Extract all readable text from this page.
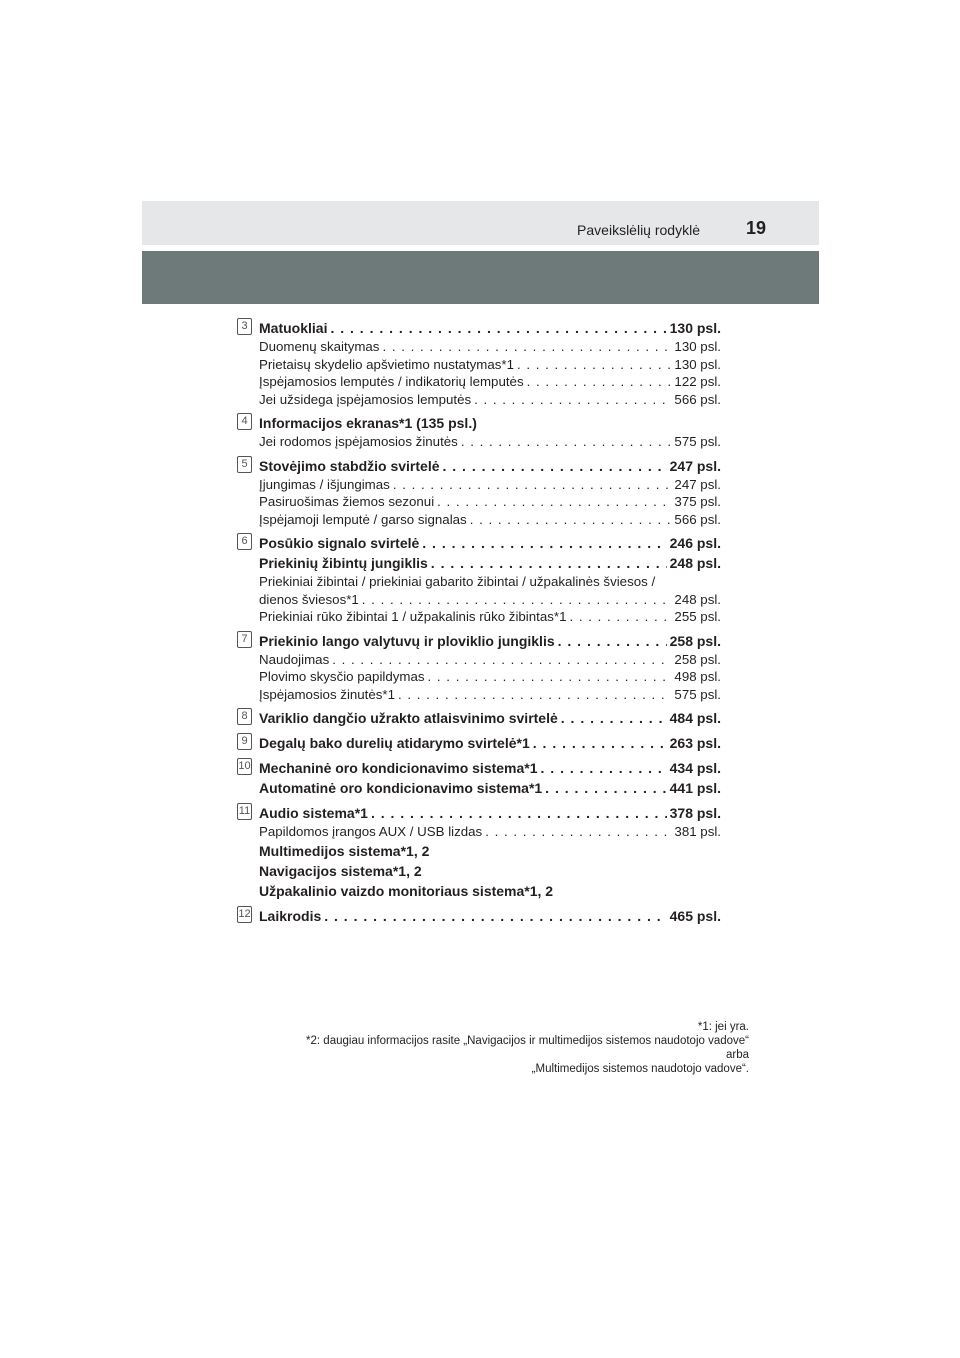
Paveikslėlių rodyklė	19
3 Matuokliai . . .	130 psl.
Duomenų skaitymas . . .	130 psl.
Prietaisų skydelio apšvietimo nustatymas*1 . . .	130 psl.
Įspėjamosios lemputės / indikatorių lemputės . . .	122 psl.
Jei užsidega įspėjamosios lemputės . . .	566 psl.
4 Informacijos ekranas*1 (135 psl.)
Jei rodomos įspėjamosios žinutės . . .	575 psl.
5 Stovėjimo stabdžio svirtelė . . .	247 psl.
Įjungimas / išjungimas . . .	247 psl.
Pasiruošimas žiemos sezonui . . .	375 psl.
Įspėjamoji lemputė / garso signalas . . .	566 psl.
6 Posūkio signalo svirtelė . . .	246 psl.
Priekinių žibintų jungiklis . . .	248 psl.
Priekiniai žibintai / priekiniai gabarito žibintai / užpakalinės šviesos /
dienos šviesos*1 . . .	248 psl.
Priekiniai rūko žibintai 1 / užpakalinis rūko žibintas*1 . . .	255 psl.
7 Priekinio lango valytuvų ir ploviklio jungiklis . . .	258 psl.
Naudojimas . . .	258 psl.
Plovimo skysčio papildymas . . .	498 psl.
Įspėjamosios žinutės*1 . . .	575 psl.
8 Variklio dangčio užrakto atlaisvinimo svirtelė . . .	484 psl.
9 Degalų bako durelių atidarymo svirtelė*1 . . .	263 psl.
10 Mechaninė oro kondicionavimo sistema*1 . . .	434 psl.
Automatinė oro kondicionavimo sistema*1 . . .	441 psl.
11 Audio sistema*1 . . .	378 psl.
Papildomos įrangos AUX / USB lizdas . . .	381 psl.
Multimedijos sistema*1, 2
Navigacijos sistema*1, 2
Užpakalinio vaizdo monitoriaus sistema*1, 2
12 Laikrodis . . .	465 psl.
*1: jei yra.
*2: daugiau informacijos rasite „Navigacijos ir multimedijos sistemos naudotojo vadove“
arba
„Multimedijos sistemos naudotojo vadove“.
